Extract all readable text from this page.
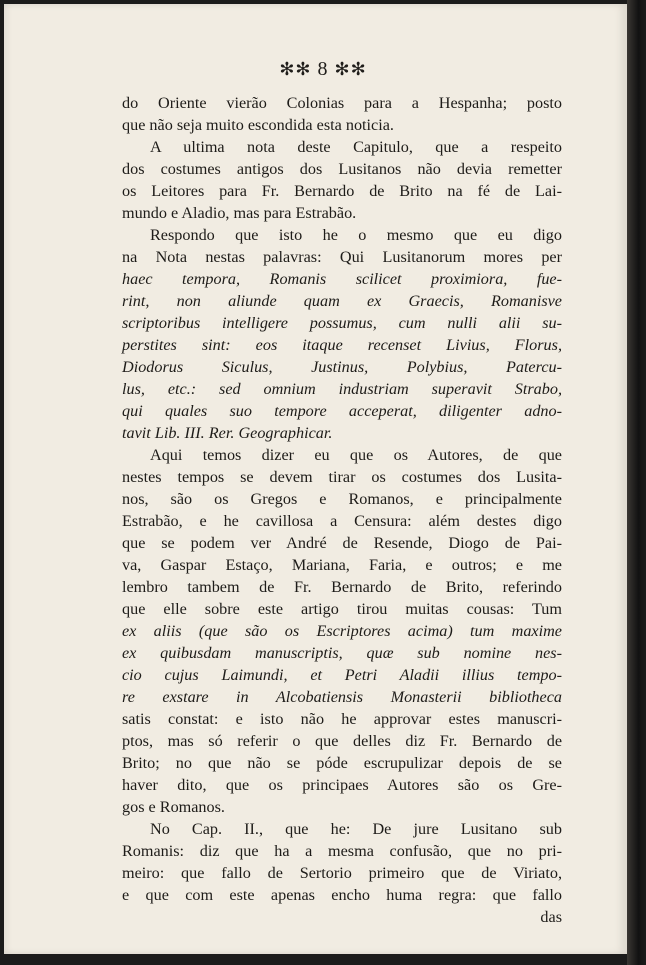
✻✻ 8 ✻✻
do Oriente vierão Colonias para a Hespanha; posto
que não seja muito escondida esta noticia.
A ultima nota deste Capitulo, que a respeito
dos costumes antigos dos Lusitanos não devia remetter
os Leitores para Fr. Bernardo de Brito na fé de Lai-
mundo e Aladio, mas para Estrabão.
Respondo que isto he o mesmo que eu digo
na Nota nestas palavras: Qui Lusitanorum mores per
haec tempora, Romanis scilicet proximiora, fue-
rint, non aliunde quam ex Graecis, Romanisve
scriptoribus intelligere possumus, cum nulli alii su-
perstites sint: eos itaque recenset Livius, Florus,
Diodorus Siculus, Justinus, Polybius, Patercu-
lus, etc.: sed omnium industriam superavit Strabo,
qui quales suo tempore acceperat, diligenter adno-
tavit Lib. III. Rer. Geographicar.
Aqui temos dizer eu que os Autores, de que
nestes tempos se devem tirar os costumes dos Lusita-
nos, são os Gregos e Romanos, e principalmente
Estrabão, e he cavillosa a Censura: além destes digo
que se podem ver André de Resende, Diogo de Pai-
va, Gaspar Estaço, Mariana, Faria, e outros; e me
lembro tambem de Fr. Bernardo de Brito, referindo
que elle sobre este artigo tirou muitas cousas: Tum
ex aliis (que são os Escriptores acima) tum maxime
ex quibusdam manuscriptis, quæ sub nomine nes-
cio cujus Laimundi, et Petri Aladii illius tempo-
re exstare in Alcobatiensis Monasterii bibliotheca
satis constat: e isto não he approvar estes manuscri-
ptos, mas só referir o que delles diz Fr. Bernardo de
Brito; no que não se póde escrupulizar depois de se
haver dito, que os principaes Autores são os Gre-
gos e Romanos.
No Cap. II., que he: De jure Lusitano sub
Romanis: diz que ha a mesma confusão, que no pri-
meiro: que fallo de Sertorio primeiro que de Viriato,
e que com este apenas encho huma regra: que fallo
das
